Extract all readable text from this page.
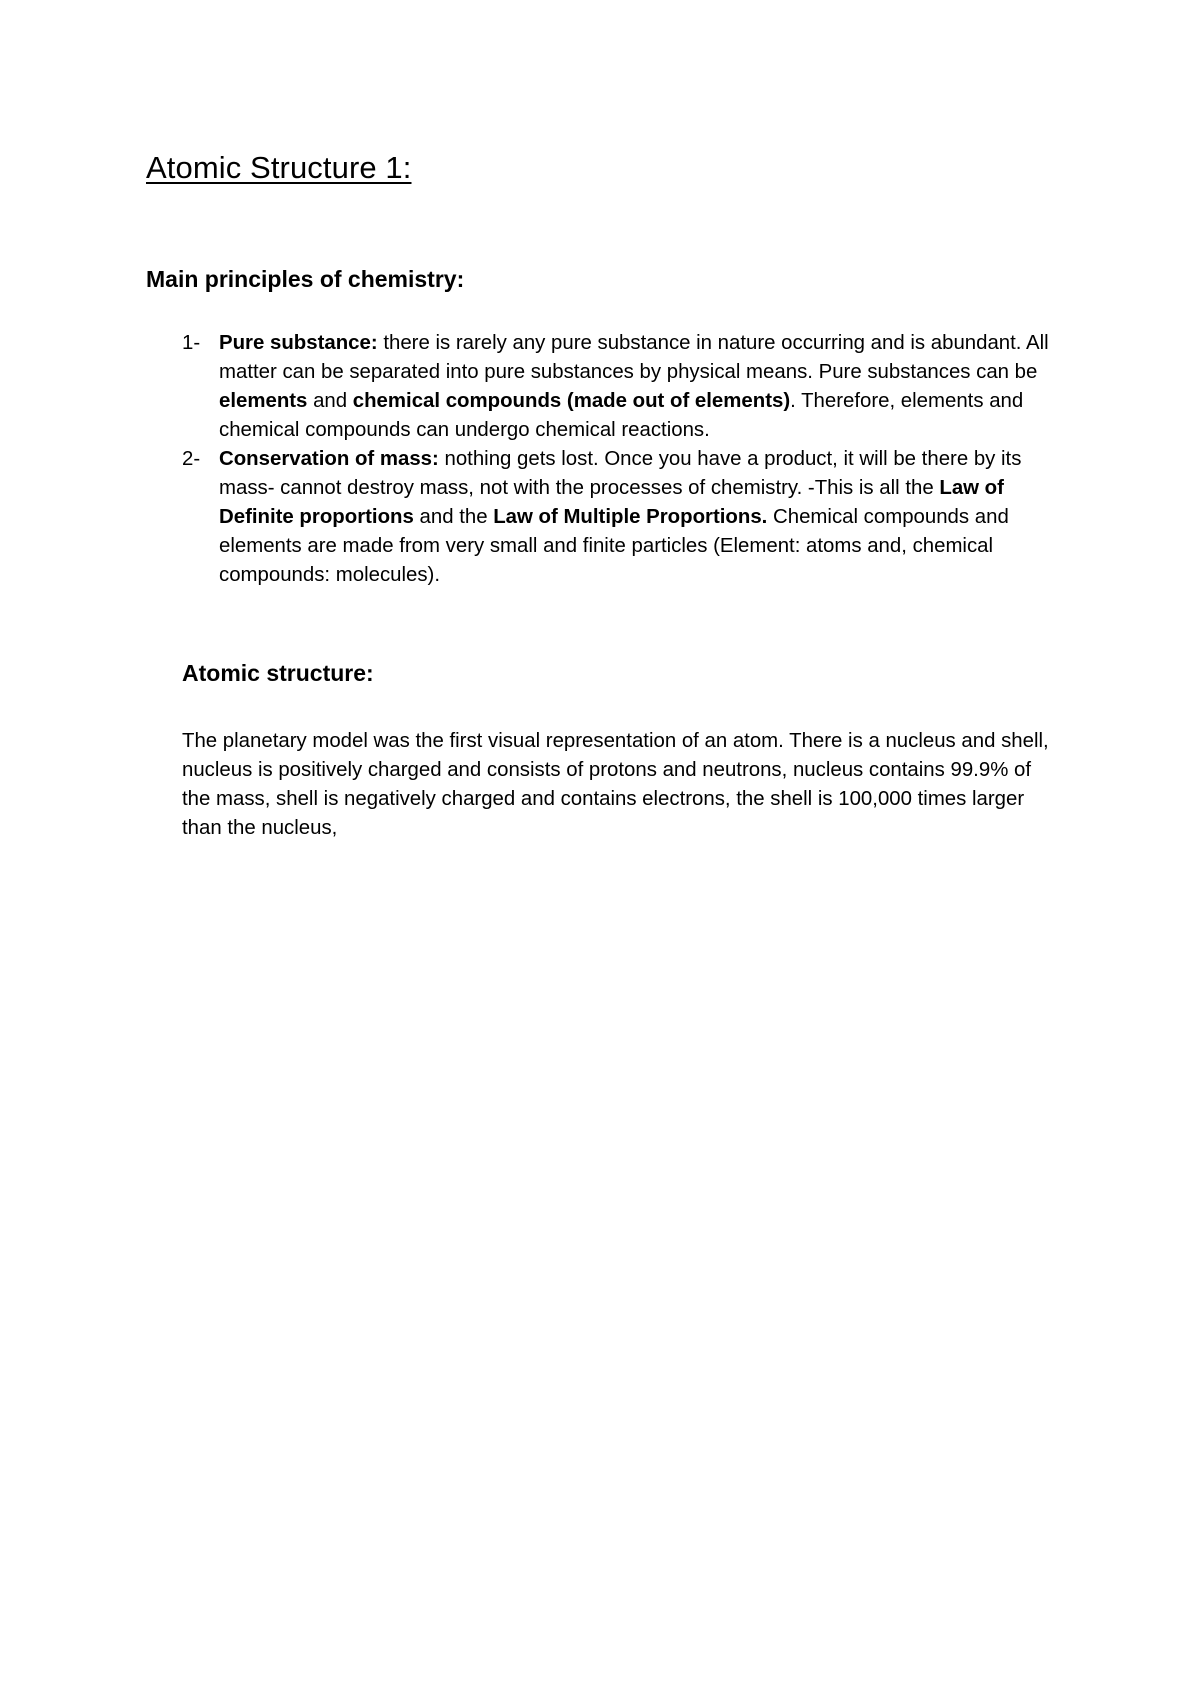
Atomic Structure 1:
Main principles of chemistry:
1- Pure substance: there is rarely any pure substance in nature occurring and is abundant. All matter can be separated into pure substances by physical means. Pure substances can be elements and chemical compounds (made out of elements). Therefore, elements and chemical compounds can undergo chemical reactions.
2- Conservation of mass: nothing gets lost. Once you have a product, it will be there by its mass- cannot destroy mass, not with the processes of chemistry. -This is all the Law of Definite proportions and the Law of Multiple Proportions. Chemical compounds and elements are made from very small and finite particles (Element: atoms and, chemical compounds: molecules).
Atomic structure:

The planetary model was the first visual representation of an atom. There is a nucleus and shell, nucleus is positively charged and consists of protons and neutrons, nucleus contains 99.9% of the mass, shell is negatively charged and contains electrons, the shell is 100,000 times larger than the nucleus,
